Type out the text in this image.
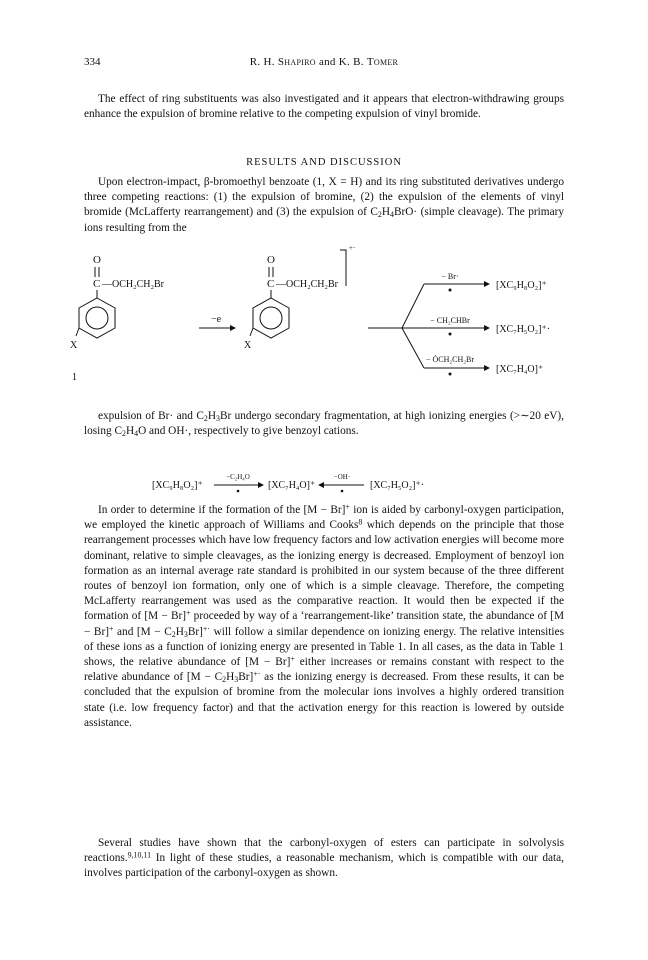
334	R. H. Shapiro and K. B. Tomer

The effect of ring substituents was also investigated and it appears that electron-withdrawing groups enhance the expulsion of bromine relative to the competing expulsion of vinyl bromide.

RESULTS AND DISCUSSION

Upon electron-impact, β-bromoethyl benzoate (1, X = H) and its ring substituted derivatives undergo three competing reactions: (1) the expulsion of bromine, (2) the expulsion of the elements of vinyl bromide (McLafferty rearrangement) and (3) the expulsion of $C_2H_4BrO\cdot$ (simple cleavage). The primary ions resulting from the

O
C —OCH₂CH₂Br
X
1
−e
O
C —OCH₂CH₂Br
X
+·
− Br·
− CH₂CHBr
− ȮCH₂CH₂Br
[XC₉H₈O₂]⁺
[XC₇H₅O₂]⁺·
[XC₇H₄O]⁺

expulsion of Br· and $C_2H_3Br$ undergo secondary fragmentation, at high ionizing energies (>∼20 eV), losing $C_2H_4O$ and OH·, respectively to give benzoyl cations.

[XC₉H₈O₂]⁺
−C₂H₄O
[XC₇H₄O]⁺
−OH·
[XC₇H₅O₂]⁺·

In order to determine if the formation of the [M − Br]+ ion is aided by carbonyl-oxygen participation, we employed the kinetic approach of Williams and Cooks$^8$ which depends on the principle that those rearrangement processes which have low frequency factors and low activation energies will become more dominant, relative to simple cleavages, as the ionizing energy is decreased. Employment of benzoyl ion formation as an internal average rate standard is prohibited in our system because of the three different routes of benzoyl ion formation, only one of which is a simple cleavage. Therefore, the competing McLafferty rearrangement was used as the comparative reaction. It would then be expected if the formation of [M − Br]+ proceeded by way of a ‘rearrangement-like’ transition state, the abundance of [M − Br]+ and $[M - C_2H_3Br]^{+\cdot}$ will follow a similar dependence on ionizing energy. The relative intensities of these ions as a function of ionizing energy are presented in Table 1. In all cases, as the data in Table 1 shows, the relative abundance of [M − Br]+ either increases or remains constant with respect to the relative abundance of $[M - C_2H_3Br]^{+\cdot}$ as the ionizing energy is decreased. From these results, it can be concluded that the expulsion of bromine from the molecular ions involves a highly ordered transition state (i.e. low frequency factor) and that the activation energy for this reaction is lowered by outside assistance.

Several studies have shown that the carbonyl-oxygen of esters can participate in solvolysis reactions.$^{9,10,11}$ In light of these studies, a reasonable mechanism, which is compatible with our data, involves participation of the carbonyl-oxygen as shown.
